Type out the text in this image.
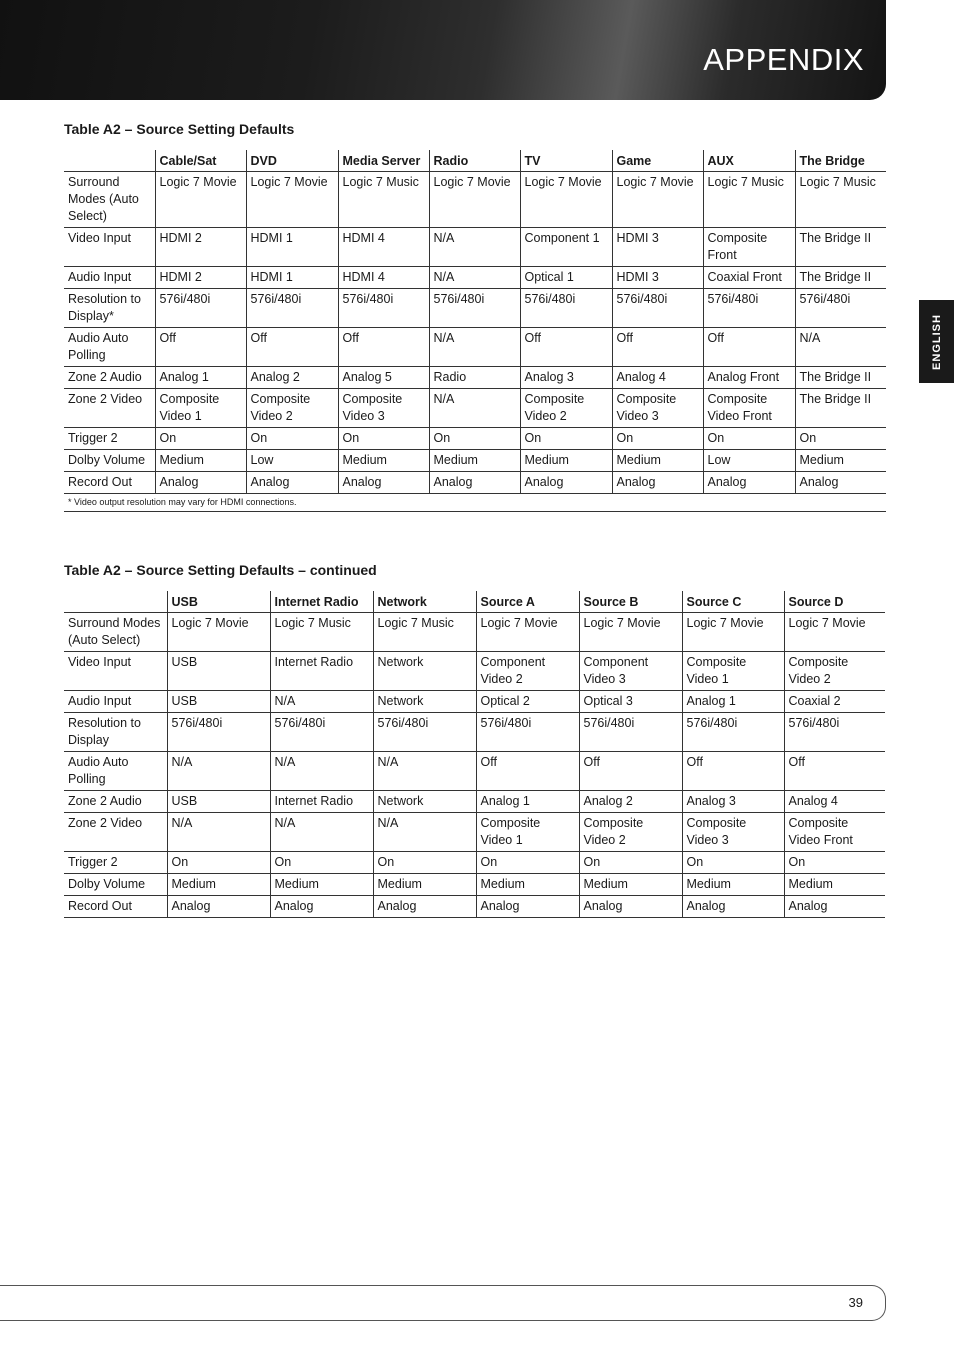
APPENDIX
ENGLISH
Table A2 – Source Setting Defaults
	Cable/Sat	DVD	Media Server	Radio	TV	Game	AUX	The Bridge
Surround Modes (Auto Select)	Logic 7 Movie	Logic 7 Movie	Logic 7 Music	Logic 7 Movie	Logic 7 Movie	Logic 7 Movie	Logic 7 Music	Logic 7 Music
Video Input	HDMI 2	HDMI 1	HDMI 4	N/A	Component 1	HDMI 3	Composite Front	The Bridge II
Audio Input	HDMI 2	HDMI 1	HDMI 4	N/A	Optical 1	HDMI 3	Coaxial Front	The Bridge II
Resolution to Display*	576i/480i	576i/480i	576i/480i	576i/480i	576i/480i	576i/480i	576i/480i	576i/480i
Audio Auto Polling	Off	Off	Off	N/A	Off	Off	Off	N/A
Zone 2 Audio	Analog 1	Analog 2	Analog 5	Radio	Analog 3	Analog 4	Analog Front	The Bridge II
Zone 2 Video	Composite Video 1	Composite Video 2	Composite Video 3	N/A	Composite Video 2	Composite Video 3	Composite Video Front	The Bridge II
Trigger 2	On	On	On	On	On	On	On	On
Dolby Volume	Medium	Low	Medium	Medium	Medium	Medium	Low	Medium
Record Out	Analog	Analog	Analog	Analog	Analog	Analog	Analog	Analog
* Video output resolution may vary for HDMI connections.								
Table A2 – Source Setting Defaults – continued
	USB	Internet Radio	Network	Source A	Source B	Source C	Source D
Surround Modes (Auto Select)	Logic 7 Movie	Logic 7 Music	Logic 7 Music	Logic 7 Movie	Logic 7 Movie	Logic 7 Movie	Logic 7 Movie
Video Input	USB	Internet Radio	Network	Component Video 2	Component Video 3	Composite Video 1	Composite Video 2
Audio Input	USB	N/A	Network	Optical 2	Optical 3	Analog 1	Coaxial 2
Resolution to Display	576i/480i	576i/480i	576i/480i	576i/480i	576i/480i	576i/480i	576i/480i
Audio Auto Polling	N/A	N/A	N/A	Off	Off	Off	Off
Zone 2 Audio	USB	Internet Radio	Network	Analog 1	Analog 2	Analog 3	Analog 4
Zone 2 Video	N/A	N/A	N/A	Composite Video 1	Composite Video 2	Composite Video 3	Composite Video Front
Trigger 2	On	On	On	On	On	On	On
Dolby Volume	Medium	Medium	Medium	Medium	Medium	Medium	Medium
Record Out	Analog	Analog	Analog	Analog	Analog	Analog	Analog
39
